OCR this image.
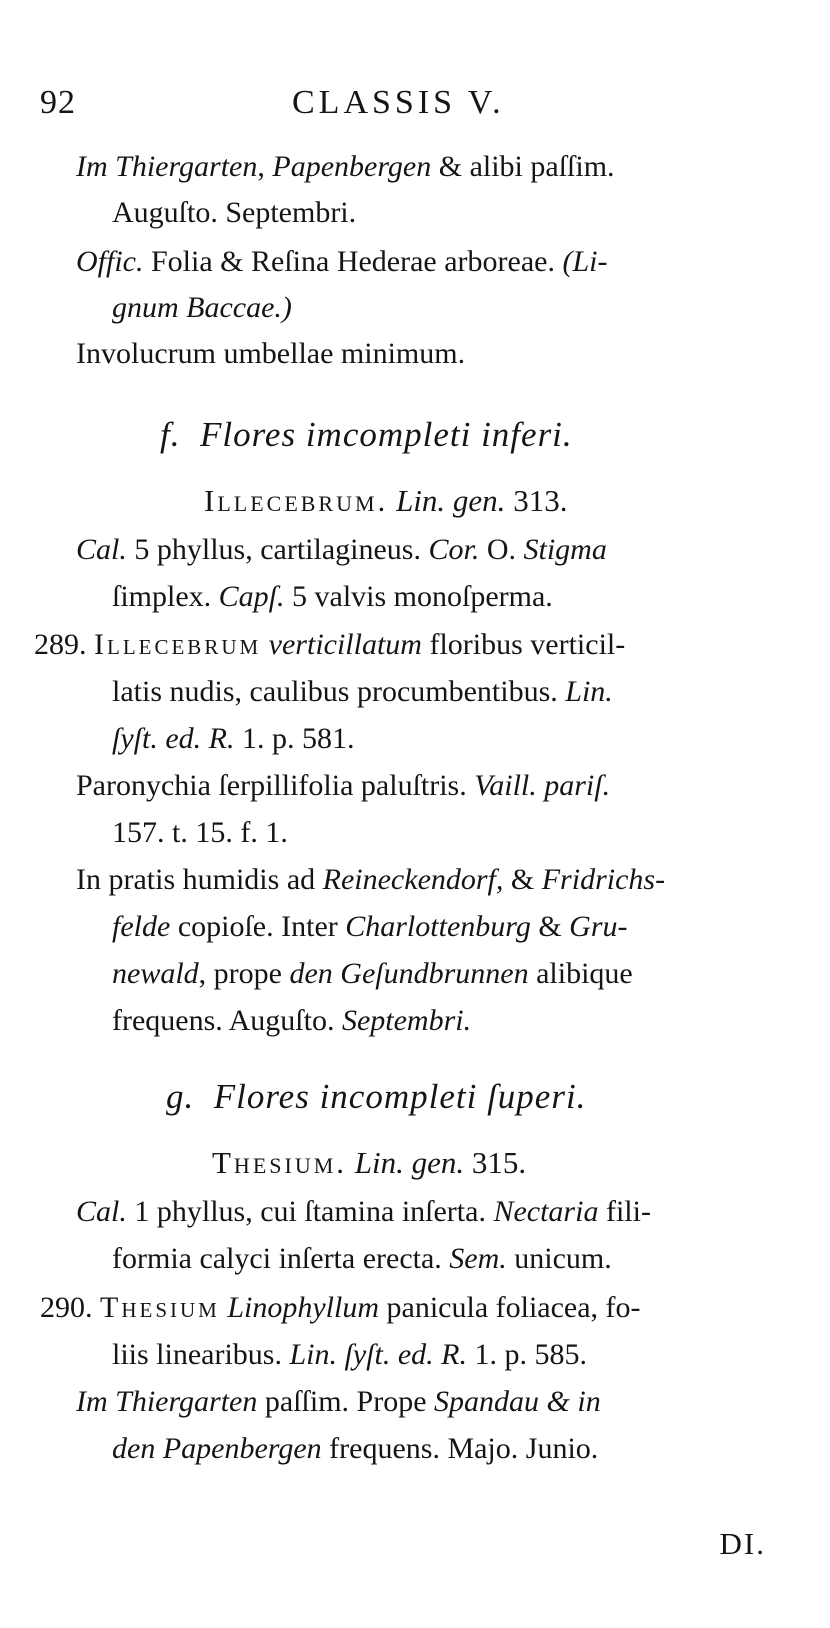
92	CLASSIS V.
Im Thiergarten, Papenbergen & alibi paſſim.
Auguſto. Septembri.
Offic. Folia & Reſina Hederae arboreae. (Li-
gnum Baccae.)
Involucrum umbellae minimum.
f. Flores imcompleti inferi.
Illecebrum. Lin. gen. 313.
Cal. 5 phyllus, cartilagineus. Cor. O. Stigma
ſimplex. Capſ. 5 valvis monoſperma.
289. Illecebrum verticillatum floribus verticil-
latis nudis, caulibus procumbentibus. Lin.
ſyſt. ed. R. 1. p. 581.
Paronychia ſerpillifolia paluſtris. Vaill. pariſ.
157. t. 15. f. 1.
In pratis humidis ad Reineckendorf, & Fridrichs-
felde copioſe. Inter Charlottenburg & Gru-
newald, prope den Geſundbrunnen alibique
frequens. Auguſto. Septembri.
g. Flores incompleti ſuperi.
Thesium. Lin. gen. 315.
Cal. 1 phyllus, cui ſtamina inſerta. Nectaria fili-
formia calyci inſerta erecta. Sem. unicum.
290. Thesium Linophyllum panicula foliacea, fo-
liis linearibus. Lin. ſyſt. ed. R. 1. p. 585.
Im Thiergarten paſſim. Prope Spandau & in
den Papenbergen frequens. Majo. Junio.
DI.
